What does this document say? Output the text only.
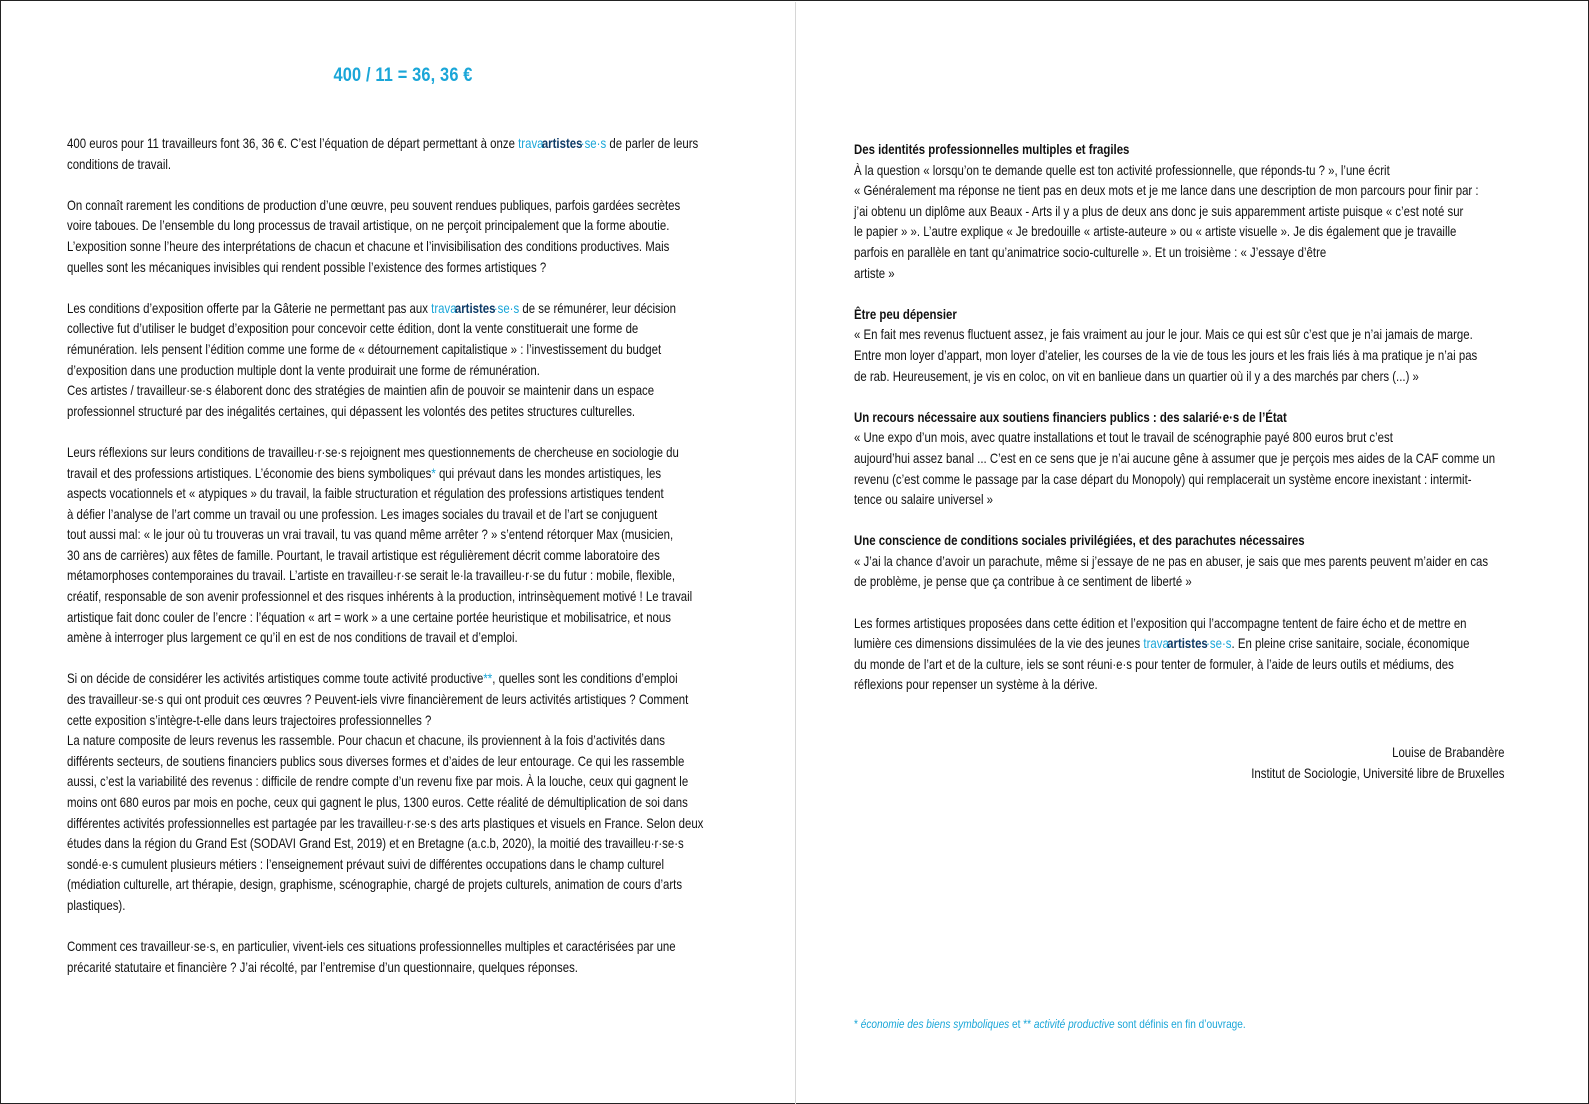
400 / 11 = 36, 36 €
400 euros pour 11 travailleurs font 36, 36 €. C’est l’équation de départ permettant à onze travaartistes·se·s de parler de leurs
conditions de travail.
On connaît rarement les conditions de production d’une œuvre, peu souvent rendues publiques, parfois gardées secrètes
voire taboues. De l’ensemble du long processus de travail artistique, on ne perçoit principalement que la forme aboutie.
L’exposition sonne l’heure des interprétations de chacun et chacune et l’invisibilisation des conditions productives. Mais
quelles sont les mécaniques invisibles qui rendent possible l’existence des formes artistiques ?
Les conditions d’exposition offerte par la Gâterie ne permettant pas aux travaartistes·se·s de se rémunérer, leur décision
collective fut d’utiliser le budget d’exposition pour concevoir cette édition, dont la vente constituerait une forme de
rémunération. Iels pensent l’édition comme une forme de « détournement capitalistique » : l’investissement du budget
d’exposition dans une production multiple dont la vente produirait une forme de rémunération.
Ces artistes / travailleur·se·s élaborent donc des stratégies de maintien afin de pouvoir se maintenir dans un espace
professionnel structuré par des inégalités certaines, qui dépassent les volontés des petites structures culturelles.
Leurs réflexions sur leurs conditions de travailleu·r·se·s rejoignent mes questionnements de chercheuse en sociologie du
travail et des professions artistiques. L’économie des biens symboliques* qui prévaut dans les mondes artistiques, les
aspects vocationnels et « atypiques » du travail, la faible structuration et régulation des professions artistiques tendent
à défier l’analyse de l’art comme un travail ou une profession. Les images sociales du travail et de l’art se conjuguent
tout aussi mal: « le jour où tu trouveras un vrai travail, tu vas quand même arrêter ? » s’entend rétorquer Max (musicien,
30 ans de carrières) aux fêtes de famille. Pourtant, le travail artistique est régulièrement décrit comme laboratoire des
métamorphoses contemporaines du travail. L’artiste en travailleu·r·se serait le·la travailleu·r·se du futur : mobile, flexible,
créatif, responsable de son avenir professionnel et des risques inhérents à la production, intrinsèquement motivé ! Le travail
artistique fait donc couler de l’encre : l’équation « art = work » a une certaine portée heuristique et mobilisatrice, et nous
amène à interroger plus largement ce qu’il en est de nos conditions de travail et d’emploi.
Si on décide de considérer les activités artistiques comme toute activité productive**, quelles sont les conditions d’emploi
des travailleur·se·s qui ont produit ces œuvres ? Peuvent-iels vivre financièrement de leurs activités artistiques ? Comment
cette exposition s’intègre-t-elle dans leurs trajectoires professionnelles ?
La nature composite de leurs revenus les rassemble. Pour chacun et chacune, ils proviennent à la fois d’activités dans
différents secteurs, de soutiens financiers publics sous diverses formes et d’aides de leur entourage. Ce qui les rassemble
aussi, c’est la variabilité des revenus : difficile de rendre compte d’un revenu fixe par mois. À la louche, ceux qui gagnent le
moins ont 680 euros par mois en poche, ceux qui gagnent le plus, 1300 euros. Cette réalité de démultiplication de soi dans
différentes activités professionnelles est partagée par les travailleu·r·se·s des arts plastiques et visuels en France. Selon deux
études dans la région du Grand Est (SODAVI Grand Est, 2019) et en Bretagne (a.c.b, 2020), la moitié des travailleu·r·se·s
sondé·e·s cumulent plusieurs métiers : l’enseignement prévaut suivi de différentes occupations dans le champ culturel
(médiation culturelle, art thérapie, design, graphisme, scénographie, chargé de projets culturels, animation de cours d’arts
plastiques).
Comment ces travailleur·se·s, en particulier, vivent-iels ces situations professionnelles multiples et caractérisées par une
précarité statutaire et financière ? J’ai récolté, par l’entremise d’un questionnaire, quelques réponses.
Des identités professionnelles multiples et fragiles
À la question « lorsqu’on te demande quelle est ton activité professionnelle, que réponds-tu ? », l’une écrit
« Généralement ma réponse ne tient pas en deux mots et je me lance dans une description de mon parcours pour finir par :
j’ai obtenu un diplôme aux Beaux - Arts il y a plus de deux ans donc je suis apparemment artiste puisque « c’est noté sur
le papier » ». L’autre explique « Je bredouille « artiste-auteure » ou « artiste visuelle ». Je dis également que je travaille
parfois en parallèle en tant qu’animatrice socio-culturelle ». Et un troisième : « J’essaye d’être
artiste »
Être peu dépensier
« En fait mes revenus fluctuent assez, je fais vraiment au jour le jour. Mais ce qui est sûr c’est que je n’ai jamais de marge.
Entre mon loyer d’appart, mon loyer d’atelier, les courses de la vie de tous les jours et les frais liés à ma pratique je n’ai pas
de rab. Heureusement, je vis en coloc, on vit en banlieue dans un quartier où il y a des marchés par chers (...) »
Un recours nécessaire aux soutiens financiers publics : des salarié·e·s de l’État
« Une expo d’un mois, avec quatre installations et tout le travail de scénographie payé 800 euros brut c’est
aujourd’hui assez banal ... C’est en ce sens que je n’ai aucune gêne à assumer que je perçois mes aides de la CAF comme un
revenu (c’est comme le passage par la case départ du Monopoly) qui remplacerait un système encore inexistant : intermit-
tence ou salaire universel »
Une conscience de conditions sociales privilégiées, et des parachutes nécessaires
« J’ai la chance d’avoir un parachute, même si j’essaye de ne pas en abuser, je sais que mes parents peuvent m’aider en cas
de problème, je pense que ça contribue à ce sentiment de liberté »
Les formes artistiques proposées dans cette édition et l’exposition qui l’accompagne tentent de faire écho et de mettre en
lumière ces dimensions dissimulées de la vie des jeunes travaartistes·se·s. En pleine crise sanitaire, sociale, économique
du monde de l’art et de la culture, iels se sont réuni·e·s pour tenter de formuler, à l’aide de leurs outils et médiums, des
réflexions pour repenser un système à la dérive.
Louise de Brabandère
Institut de Sociologie, Université libre de Bruxelles
* économie des biens symboliques et ** activité productive sont définis en fin d’ouvrage.
